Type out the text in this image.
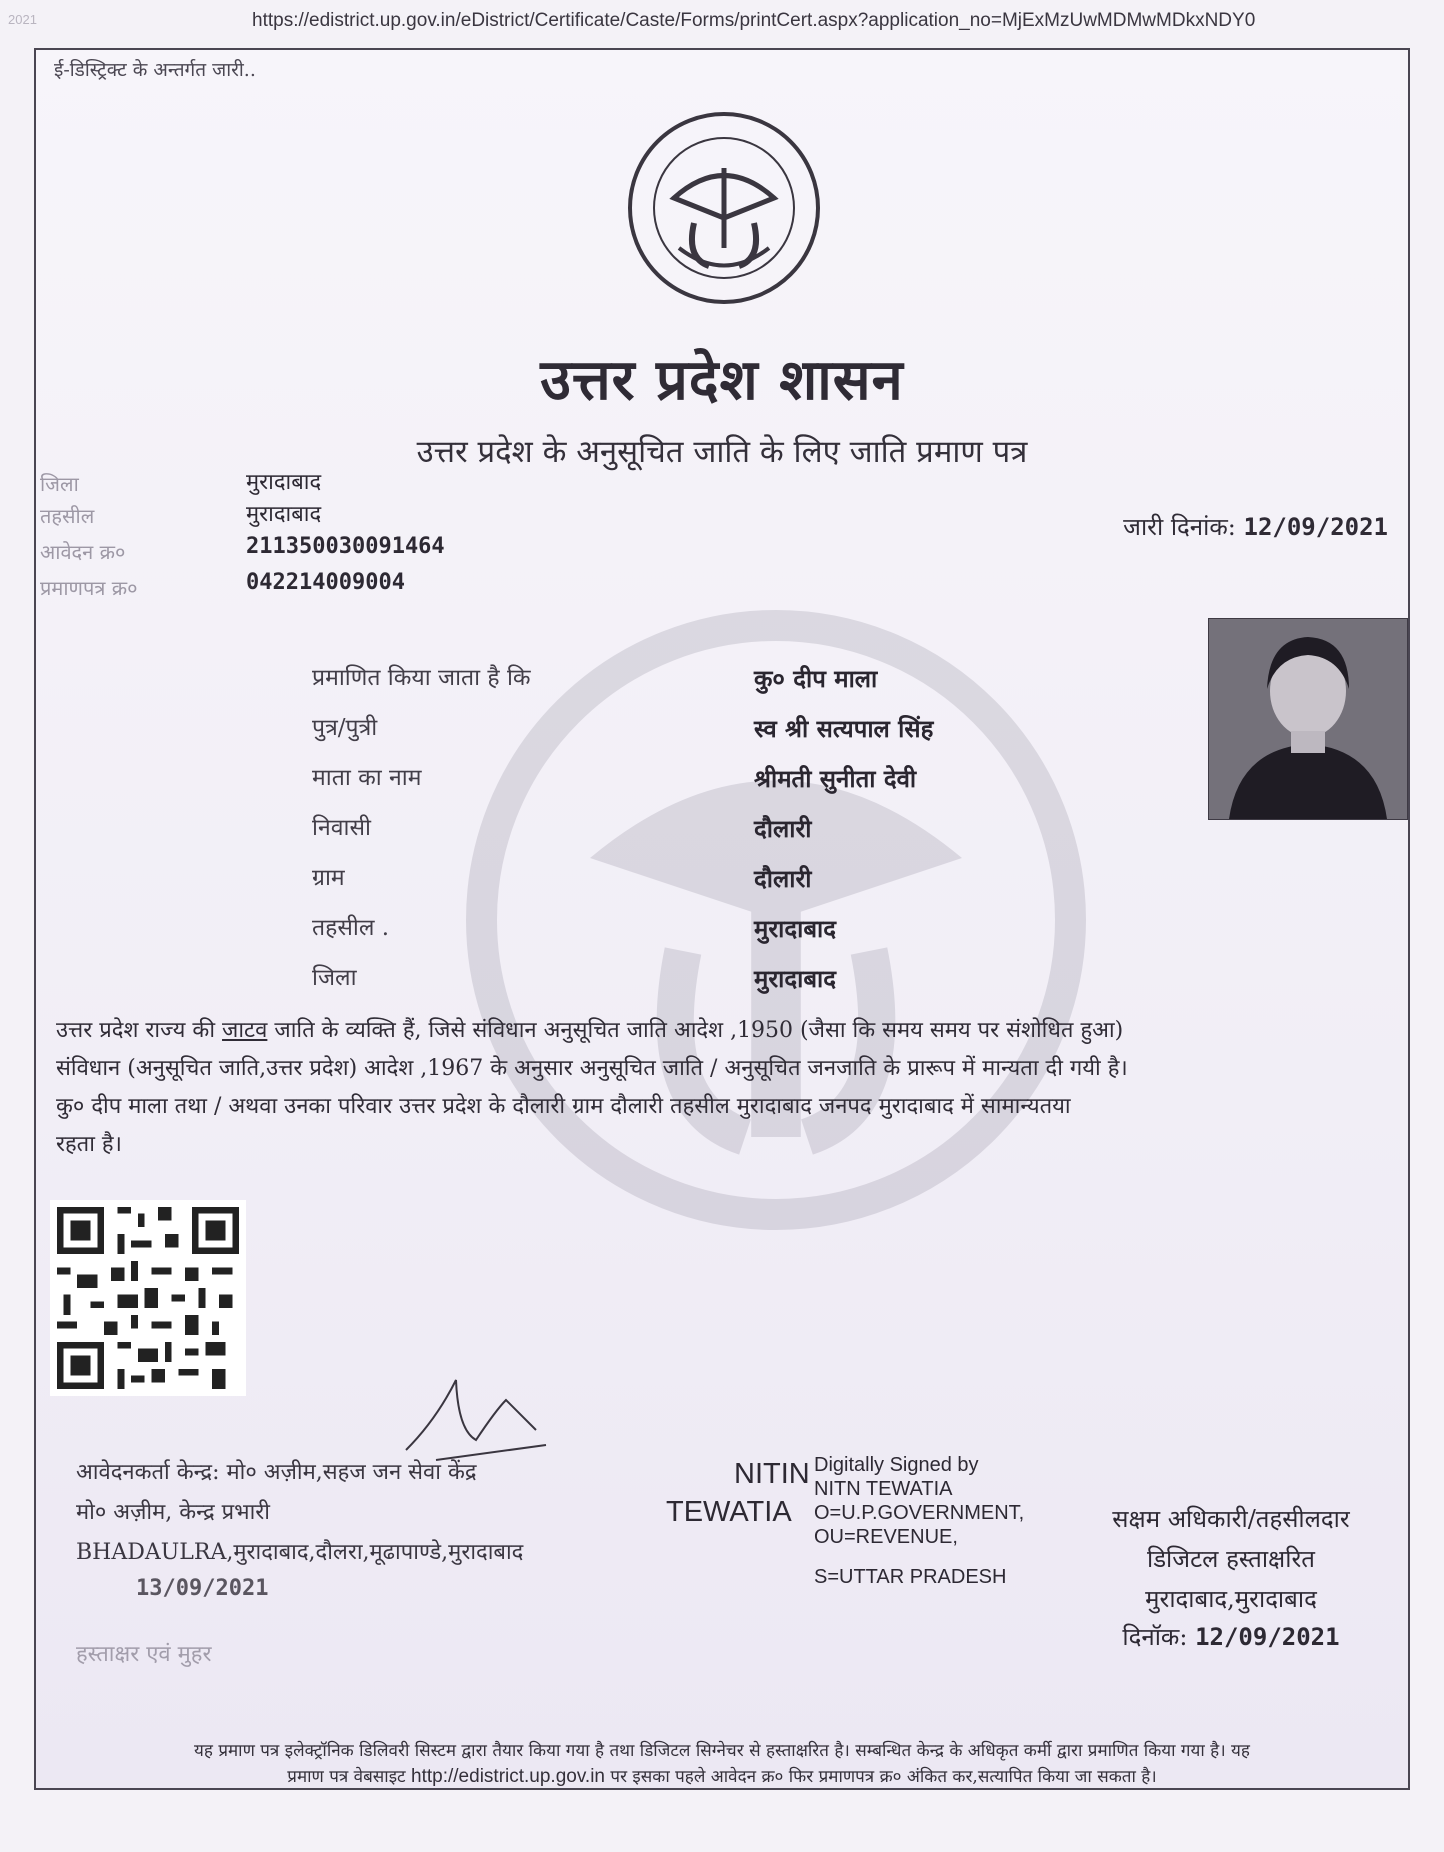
2021	https://edistrict.up.gov.in/eDistrict/Certificate/Caste/Forms/printCert.aspx?application_no=MjExMzUwMDMwMDkxNDY0
ई-डिस्ट्रिक्ट के अन्तर्गत जारी..
उत्तर प्रदेश शासन
उत्तर प्रदेश के अनुसूचित जाति के लिए जाति प्रमाण पत्र
जिला	मुरादाबाद
तहसील	मुरादाबाद
आवेदन क्र०	211350030091464
प्रमाणपत्र क्र०	042214009004
जारी दिनांक: 12/09/2021
प्रमाणित किया जाता है कि	कु० दीप माला
पुत्र/पुत्री	स्व श्री सत्यपाल सिंह
माता का नाम	श्रीमती सुनीता देवी
निवासी	दौलारी
ग्राम	दौलारी
तहसील .	मुरादाबाद
जिला	मुरादाबाद
उत्तर प्रदेश राज्य की जाटव जाति के व्यक्ति हैं, जिसे संविधान अनुसूचित जाति आदेश ,1950 (जैसा कि समय समय पर संशोधित हुआ)
संविधान (अनुसूचित जाति,उत्तर प्रदेश) आदेश ,1967 के अनुसार अनुसूचित जाति / अनुसूचित जनजाति के प्रारूप में मान्यता दी गयी है।
कु० दीप माला तथा / अथवा उनका परिवार उत्तर प्रदेश के दौलारी ग्राम दौलारी तहसील मुरादाबाद जनपद मुरादाबाद में सामान्यतया
रहता है।
आवेदनकर्ता केन्द्र: मो० अज़ीम,सहज जन सेवा केंद्र
मो० अज़ीम, केन्द्र प्रभारी
BHADAULRA,मुरादाबाद,दौलरा,मूढापाण्डे,मुरादाबाद
13/09/2021
हस्ताक्षर एवं मुहर
NITIN
TEWATIA
Digitally Signed by
NITN TEWATIA
O=U.P.GOVERNMENT,
OU=REVENUE,
S=UTTAR PRADESH
सक्षम अधिकारी/तहसीलदार
डिजिटल हस्ताक्षरित
मुरादाबाद,मुरादाबाद
दिनॉक: 12/09/2021
यह प्रमाण पत्र इलेक्ट्रॉनिक डिलिवरी सिस्टम द्वारा तैयार किया गया है तथा डिजिटल सिग्नेचर से हस्ताक्षरित है। सम्बन्धित केन्द्र के अधिकृत कर्मी द्वारा प्रमाणित किया गया है। यह
प्रमाण पत्र वेबसाइट http://edistrict.up.gov.in पर इसका पहले आवेदन क्र० फिर प्रमाणपत्र क्र० अंकित कर,सत्यापित किया जा सकता है।
